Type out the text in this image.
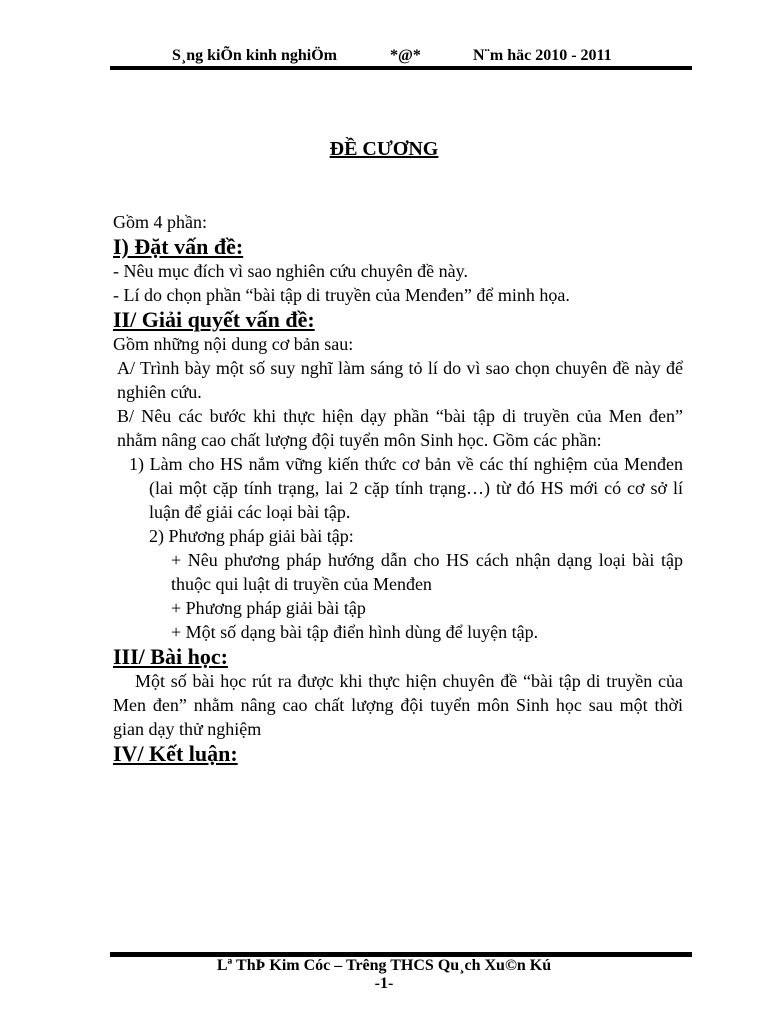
S¸ng kiÕn kinh nghiÖm	*@*	N¨m häc 2010 - 2011
ĐỀ CƯƠNG
Gồm 4 phần:
I) Đặt vấn đề:
- Nêu mục đích vì sao nghiên cứu chuyên đề này.
- Lí do chọn phần “bài tập di truyền của Menđen” để minh họa.
II/ Giải quyết vấn đề:
Gồm những nội dung cơ bản sau:
A/ Trình bày một số suy nghĩ làm sáng tỏ lí do vì sao chọn chuyên đề này để nghiên cứu.
B/ Nêu các bước khi thực hiện dạy phần “bài tập di truyền của Men đen” nhằm nâng cao chất lượng đội tuyển môn Sinh học. Gồm các phần:
1) Làm cho HS nắm vững kiến thức cơ bản về các thí nghiệm của Menđen (lai một cặp tính trạng, lai 2 cặp tính trạng…) từ đó HS mới có cơ sở lí luận để giải các loại bài tập.
2) Phương pháp giải bài tập:
+ Nêu phương pháp hướng dẫn cho HS cách nhận dạng loại bài tập thuộc qui luật di truyền của Menđen
+ Phương pháp giải bài tập
+ Một số dạng bài tập điển hình dùng để luyện tập.
III/ Bài học:
Một số bài học rút ra được khi thực hiện chuyên đề “bài tập di truyền của Men đen” nhằm nâng cao chất lượng đội tuyển môn Sinh học sau một thời gian dạy thử nghiệm
IV/ Kết luận:
Lª ThÞ Kim Cóc – Trêng THCS Qu¸ch Xu©n Kú
-1-
